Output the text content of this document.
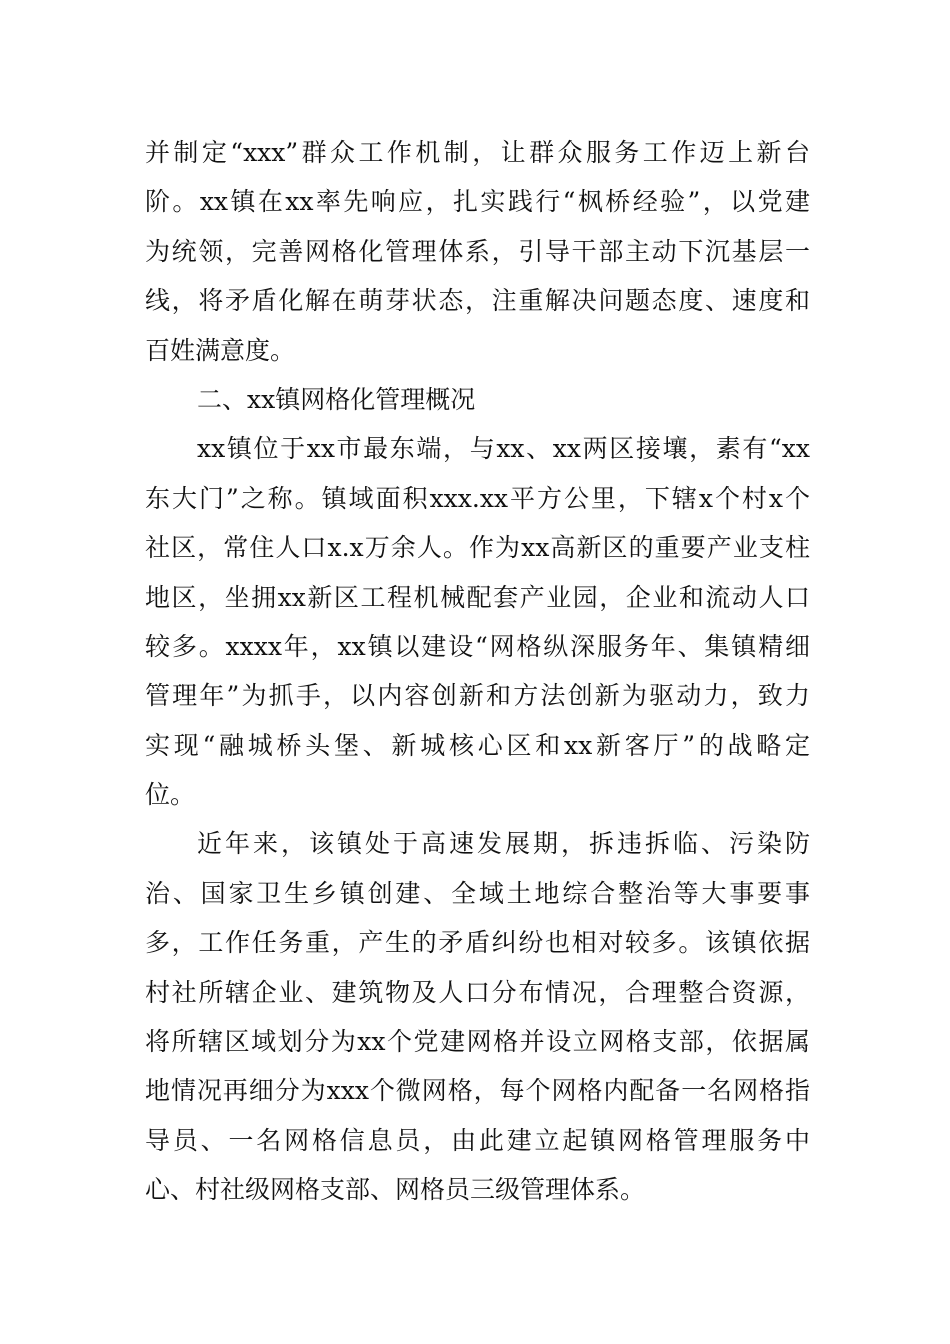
并制定“xxx”群众工作机制，让群众服务工作迈上新台
阶。xx镇在xx率先响应，扎实践行“枫桥经验”，以党建
为统领，完善网格化管理体系，引导干部主动下沉基层一
线，将矛盾化解在萌芽状态，注重解决问题态度、速度和
百姓满意度。
二、xx镇网格化管理概况
xx镇位于xx市最东端，与xx、xx两区接壤，素有“xx
东大门”之称。镇域面积xxx.xx平方公里，下辖x个村x个
社区，常住人口x.x万余人。作为xx高新区的重要产业支柱
地区，坐拥xx新区工程机械配套产业园，企业和流动人口
较多。xxxx年，xx镇以建设“网格纵深服务年、集镇精细
管理年”为抓手，以内容创新和方法创新为驱动力，致力
实现“融城桥头堡、新城核心区和xx新客厅”的战略定
位。
近年来，该镇处于高速发展期，拆违拆临、污染防
治、国家卫生乡镇创建、全域土地综合整治等大事要事
多，工作任务重，产生的矛盾纠纷也相对较多。该镇依据
村社所辖企业、建筑物及人口分布情况，合理整合资源，
将所辖区域划分为xx个党建网格并设立网格支部，依据属
地情况再细分为xxx个微网格，每个网格内配备一名网格指
导员、一名网格信息员，由此建立起镇网格管理服务中
心、村社级网格支部、网格员三级管理体系。
